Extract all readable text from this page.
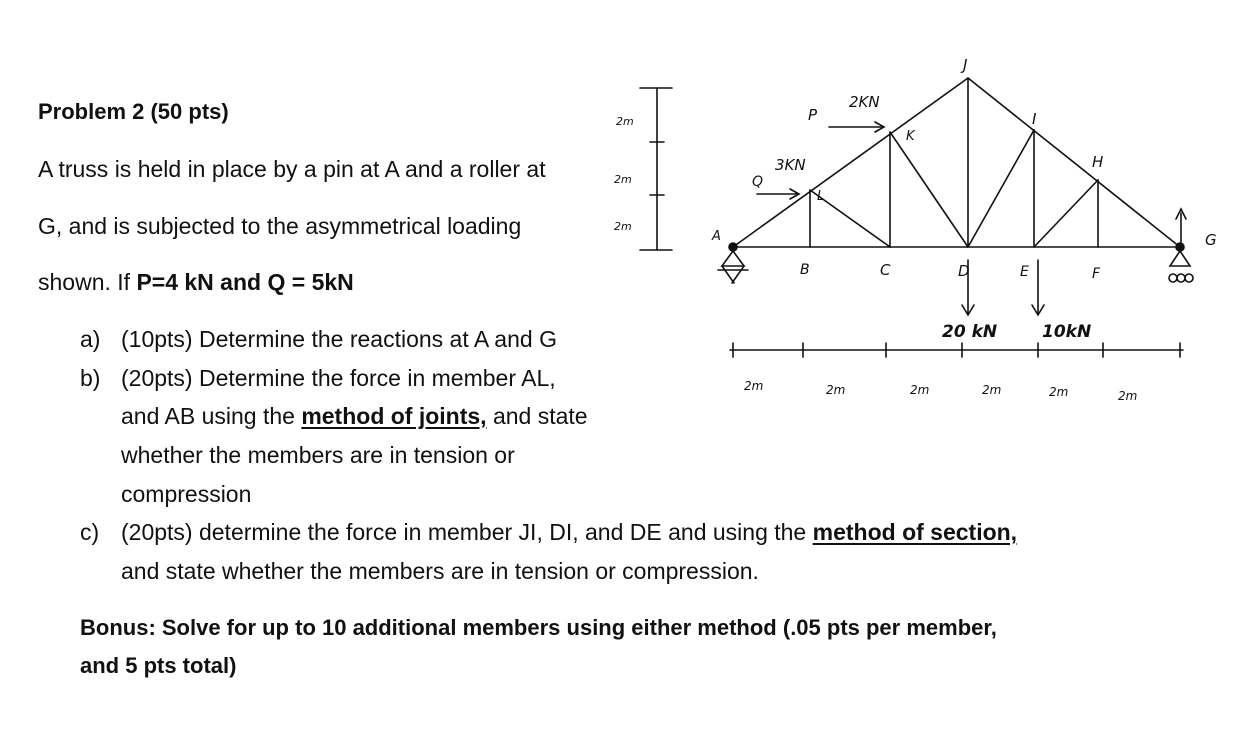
Problem 2 (50 pts)
A truss is held in place by a pin at A and a roller at
G, and is subjected to the asymmetrical loading
shown. If P=4 kN and Q = 5kN
a) (10pts) Determine the reactions at A and G
b) (20pts) Determine the force in member AL,
and AB using the method of joints, and state
whether the members are in tension or
compression
c) (20pts) determine the force in member JI, DI, and DE and using the method of section,
and state whether the members are in tension or compression.
Bonus: Solve for up to 10 additional members using either method (.05 pts per member,
and 5 pts total)
2m
2m
2m
A
B	C	D	E	F
G
H
I
J
K
L
P
2KN
Q
3KN
20 kN	10kN
2m	2m	2m	2m	2m	2m
